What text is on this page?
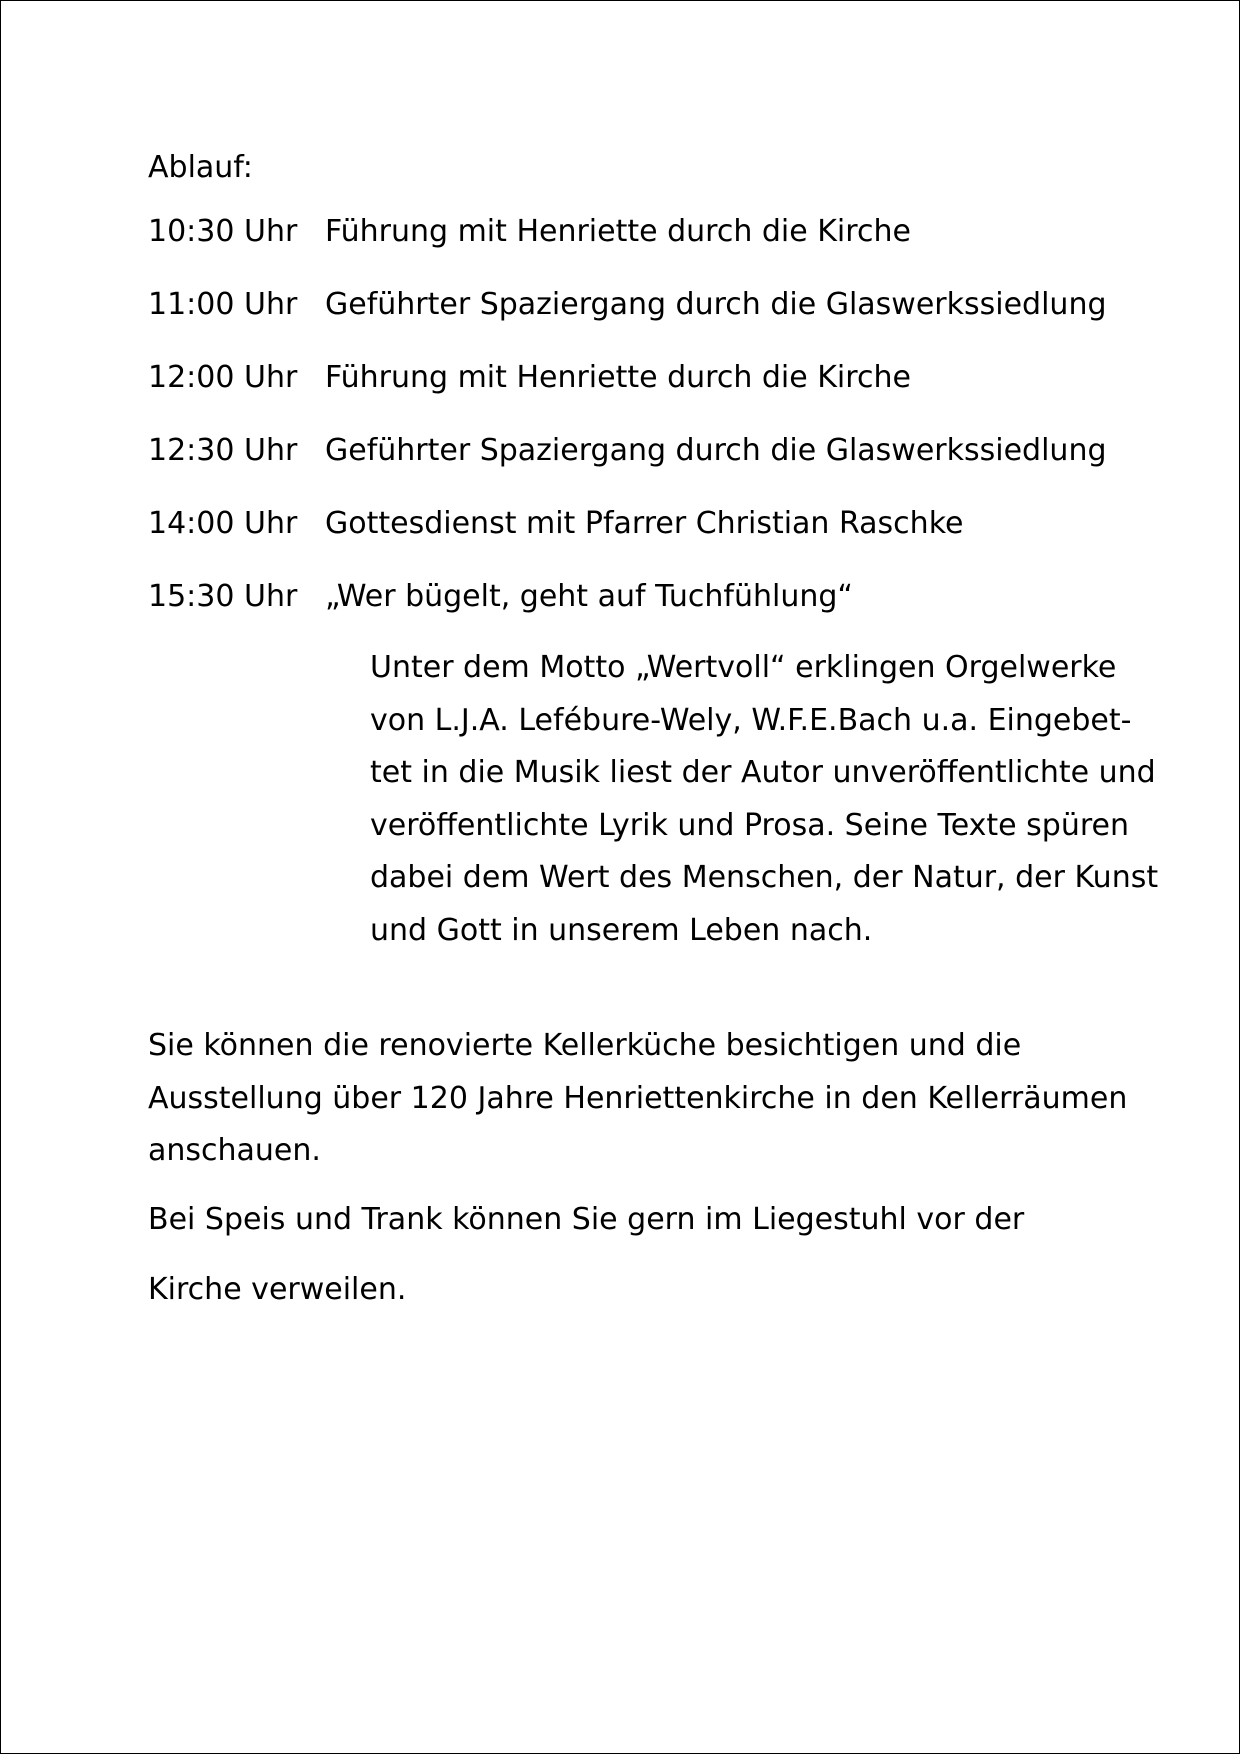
Ablauf:
10:30 Uhr Führung mit Henriette durch die Kirche
11:00 Uhr Geführter Spaziergang durch die Glaswerkssiedlung
12:00 Uhr Führung mit Henriette durch die Kirche
12:30 Uhr Geführter Spaziergang durch die Glaswerkssiedlung
14:00 Uhr Gottesdienst mit Pfarrer Christian Raschke
15:30 Uhr „Wer bügelt, geht auf Tuchfühlung“
Unter dem Motto „Wertvoll“ erklingen Orgelwerke
von L.J.A. Lefébure-Wely, W.F.E.Bach u.a. Eingebet-
tet in die Musik liest der Autor unveröffentlichte und
veröffentlichte Lyrik und Prosa. Seine Texte spüren
dabei dem Wert des Menschen, der Natur, der Kunst
und Gott in unserem Leben nach.
Sie können die renovierte Kellerküche besichtigen und die
Ausstellung über 120 Jahre Henriettenkirche in den Kellerräumen
anschauen.
Bei Speis und Trank können Sie gern im Liegestuhl vor der
Kirche verweilen.
